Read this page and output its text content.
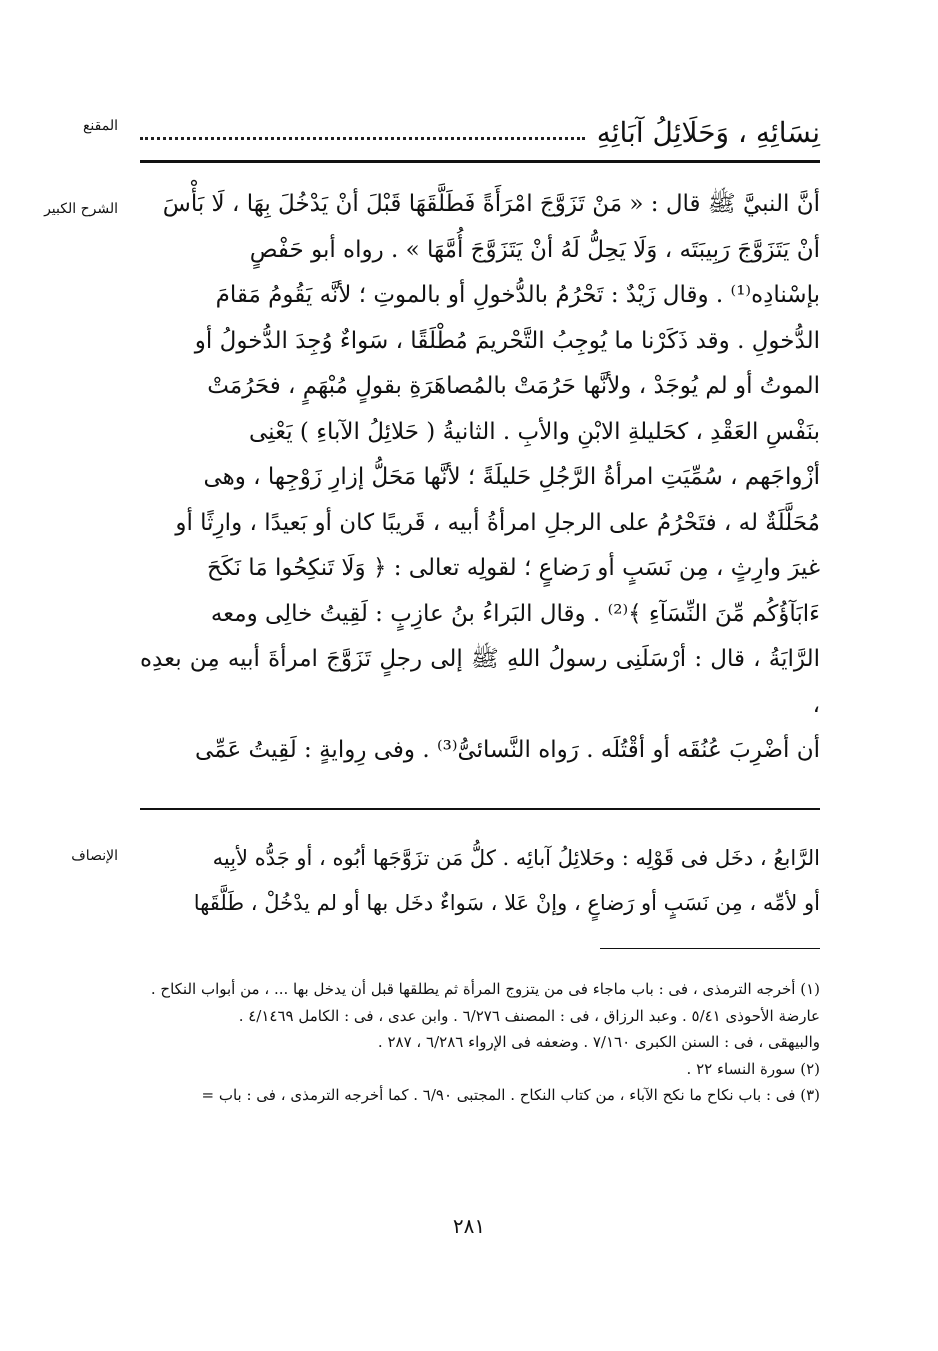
نِسَائِهِ ، وَحَلَائِلُ آبَائِهِ
المقنع
الشرح الكبير	أنَّ النبيَّ ﷺ قال : « مَنْ تَزَوَّجَ امْرَأَةً فَطَلَّقَهَا قَبْلَ أنْ يَدْخُلَ بِهَا ، لَا بَأْسَ

أنْ يَتَزَوَّجَ رَبِيبَتَه ، وَلَا يَحِلُّ لَهُ أنْ يَتَزَوَّجَ أُمَّهَا » . رواه أبو حَفْصٍ

بإسْنادِه⁽¹⁾ . وقال زَيْدٌ : تَحْرُمُ بالدُّخولِ أو بالموتِ ؛ لأنَّه يَقُومُ مَقامَ

الدُّخولِ . وقد ذَكَرْنا ما يُوجِبُ التَّحْريمَ مُطْلَقًا ، سَواءٌ وُجِدَ الدُّخولُ أو

الموتُ أو لم يُوجَدْ ، ولأنَّها حَرُمَتْ بالمُصاهَرَةِ بقولٍ مُبْهَمٍ ، فحَرُمَتْ

بنَفْسِ العَقْدِ ، كحَليلةِ الابْنِ والأبِ . الثانيةُ ( حَلائِلُ الآباءِ ) يَعْنِى

أزْواجَهم ، سُمِّيَتِ امرأةُ الرَّجُلِ حَليلَةً ؛ لأنَّها مَحَلُّ إزارِ زَوْجِها ، وهى

مُحَلَّلَةٌ له ، فتَحْرُمُ على الرجلِ امرأةُ أبيه ، قَريبًا كان أو بَعيدًا ، وارِثًا أو

غيرَ وارِثٍ ، مِن نَسَبٍ أو رَضاعٍ ؛ لقولِه تعالى : ﴿ وَلَا تَنكِحُوا مَا نَكَحَ

ءَابَآؤُكُم مِّنَ النِّسَآءِ ﴾⁽²⁾ . وقال البَراءُ بنُ عازِبٍ : لَقِيتُ خالِى ومعه

الرَّايَةُ ، قال : أرْسَلَنِى رسولُ اللهِ ﷺ إلى رجلٍ تَزَوَّجَ امرأةَ أبيه مِن بعدِه ،

أن أضْرِبَ عُنُقَه أو أقْتُلَه . رَواه النَّسائىُّ⁽³⁾ . وفى رِوايةٍ : لَقِيتُ عَمِّى

الإنصاف	الرَّابعُ ، دخَل فى قَوْلِه : وحَلائِلُ آبائِه . كلُّ مَن تزَوَّجَها أبُوه ، أو جَدُّه لأبِيه

أو لأمِّه ، مِن نَسَبٍ أو رَضاعٍ ، وإنْ عَلا ، سَواءٌ دخَل بها أو لم يدْخُلْ ، طَلَّقَها

(١) أخرجه الترمذى ، فى : باب ماجاء فى من يتزوج المرأة ثم يطلقها قبل أن يدخل بها ... ، من أبواب النكاح .

عارضة الأحوذى ٥/٤١ . وعبد الرزاق ، فى : المصنف ٦/٢٧٦ . وابن عدى ، فى : الكامل ٤/١٤٦٩ .

والبيهقى ، فى : السنن الكبرى ٧/١٦٠ . وضعفه فى الإرواء ٦/٢٨٦ ، ٢٨٧ .

(٢) سورة النساء ٢٢ .

(٣) فى : باب نكاح ما نكح الآباء ، من كتاب النكاح . المجتبى ٦/٩٠ . كما أخرجه الترمذى ، فى : باب =

٢٨١
